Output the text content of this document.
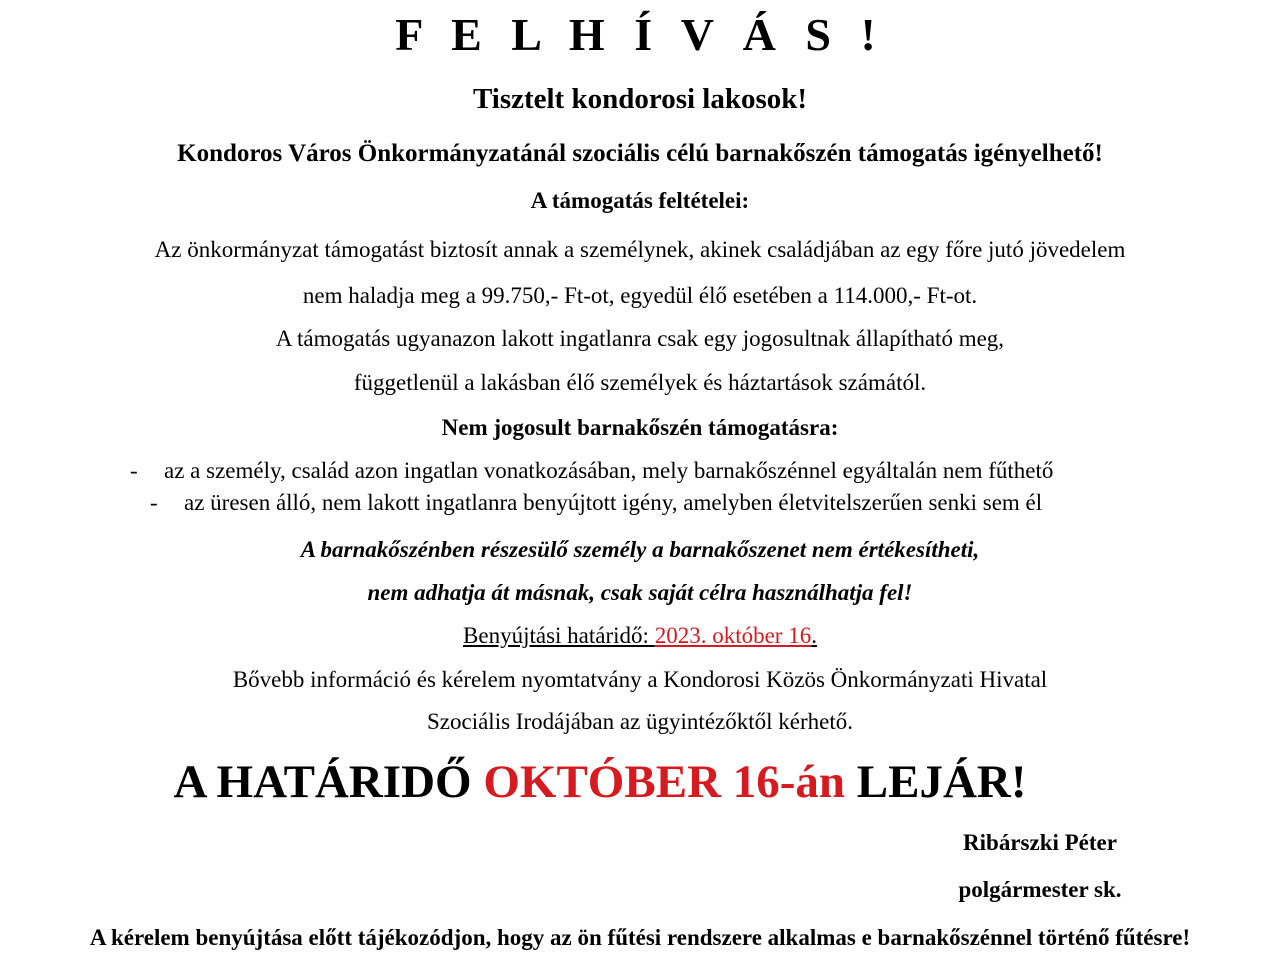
F E L H Í V Á S !
Tisztelt kondorosi lakosok!
Kondoros Város Önkormányzatánál szociális célú barnakőszén támogatás igényelhető!
A támogatás feltételei:
Az önkormányzat támogatást biztosít annak a személynek, akinek családjában az egy főre jutó jövedelem
nem haladja meg a 99.750,- Ft-ot, egyedül élő esetében a 114.000,- Ft-ot.
A támogatás ugyanazon lakott ingatlanra csak egy jogosultnak állapítható meg,
függetlenül a lakásban élő személyek és háztartások számától.
Nem jogosult barnakőszén támogatásra:
- az a személy, család azon ingatlan vonatkozásában, mely barnakőszénnel egyáltalán nem fűthető
- az üresen álló, nem lakott ingatlanra benyújtott igény, amelyben életvitelszerűen senki sem él
A barnakőszénben részesülő személy a barnakőszenet nem értékesítheti,
nem adhatja át másnak, csak saját célra használhatja fel!
Benyújtási határidő: 2023. október 16.
Bővebb információ és kérelem nyomtatvány a Kondorosi Közös Önkormányzati Hivatal
Szociális Irodájában az ügyintézőktől kérhető.
A HATÁRIDŐ OKTÓBER 16-án LEJÁR!
Ribárszki Péter
polgármester sk.
A kérelem benyújtása előtt tájékozódjon, hogy az ön fűtési rendszere alkalmas e barnakőszénnel történő fűtésre!
